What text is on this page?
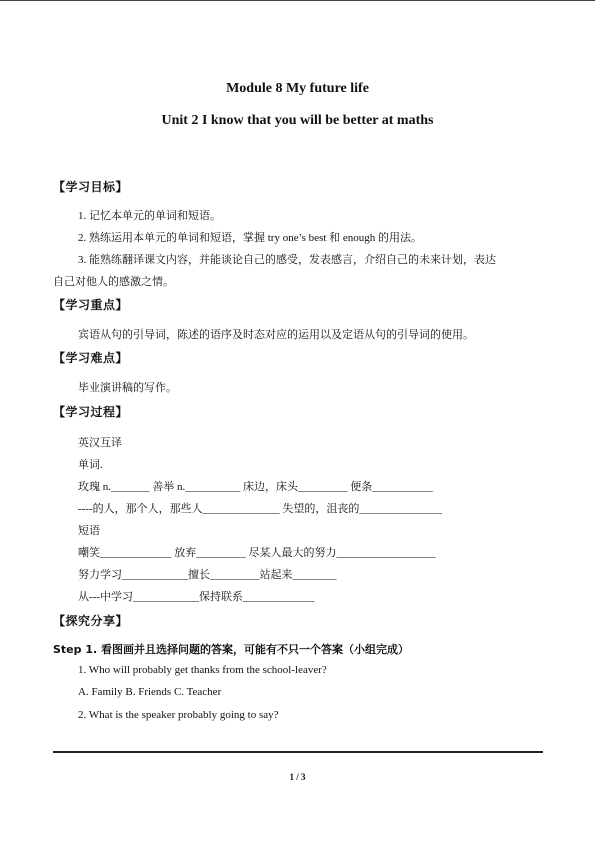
Module 8 My future life
Unit 2 I know that you will be better at maths
【学习目标】
1. 记忆本单元的单词和短语。
2. 熟练运用本单元的单词和短语，掌握 try one’s best 和 enough 的用法。
3. 能熟练翻译课文内容，并能谈论自己的感受，发表感言，介绍自己的未来计划，表达
自己对他人的感激之情。
【学习重点】
宾语从句的引导词，陈述的语序及时态对应的运用以及定语从句的引导词的使用。
【学习难点】
毕业演讲稿的写作。
【学习过程】
英汉互译
单词.
玫瑰 n._______ 善举 n.__________ 床边，床头_________ 便条___________
----的人，那个人，那些人______________ 失望的，沮丧的_______________
短语
嘲笑_____________ 放弃_________ 尽某人最大的努力__________________
努力学习____________擅长_________站起来________
从---中学习____________保持联系_____________
【探究分享】
Step 1. 看图画并且选择问题的答案，可能有不只一个答案（小组完成）
1. Who will probably get thanks from the school-leaver?
A. Family B. Friends C. Teacher
2. What is the speaker probably going to say?
1 / 3
